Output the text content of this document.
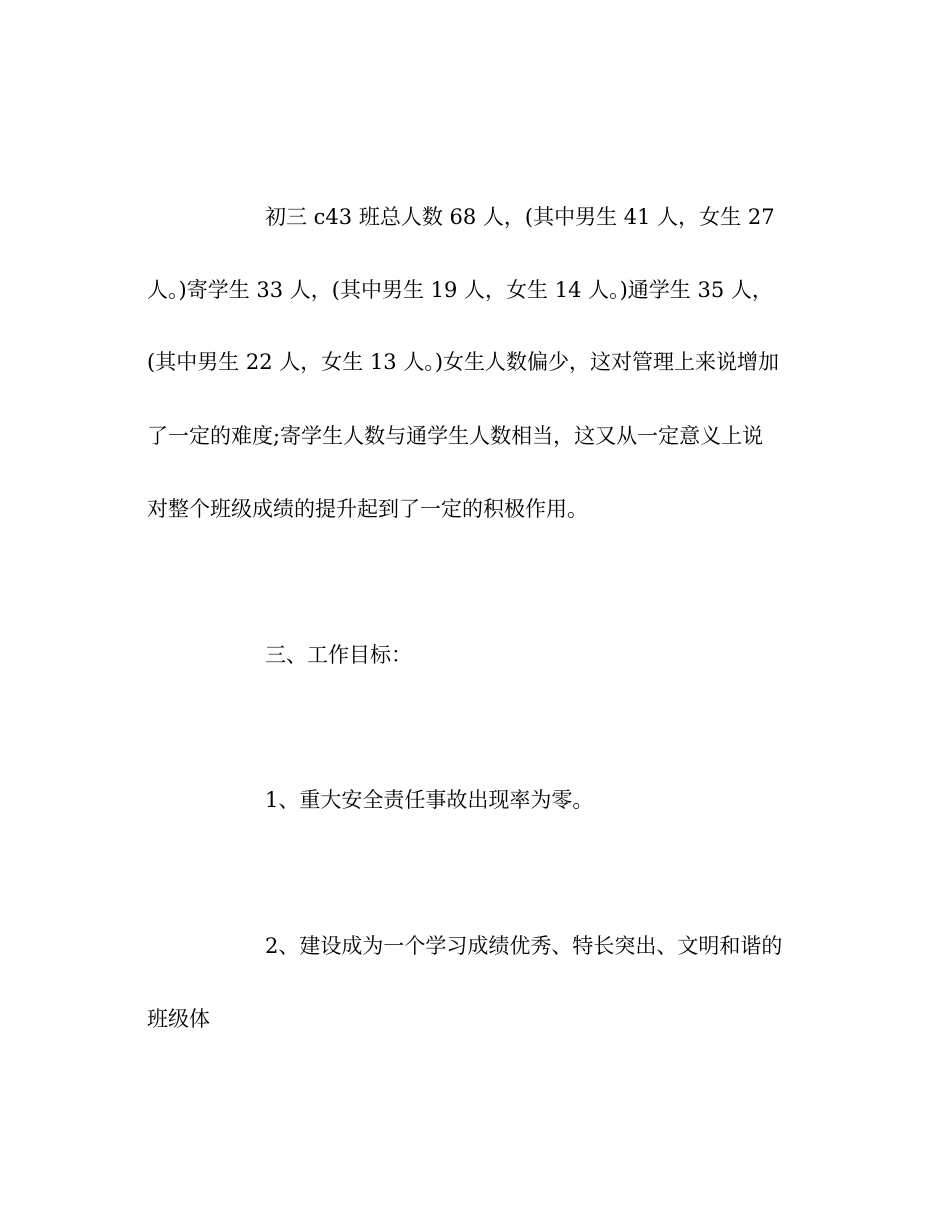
初三 c43 班总人数 68 人，(其中男生 41 人，女生 27
人。)寄学生 33 人，(其中男生 19 人，女生 14 人。)通学生 35 人，
(其中男生 22 人，女生 13 人。)女生人数偏少，这对管理上来说增加
了一定的难度;寄学生人数与通学生人数相当，这又从一定意义上说
对整个班级成绩的提升起到了一定的积极作用。
三、工作目标：
1、重大安全责任事故出现率为零。
2、建设成为一个学习成绩优秀、特长突出、文明和谐的
班级体
